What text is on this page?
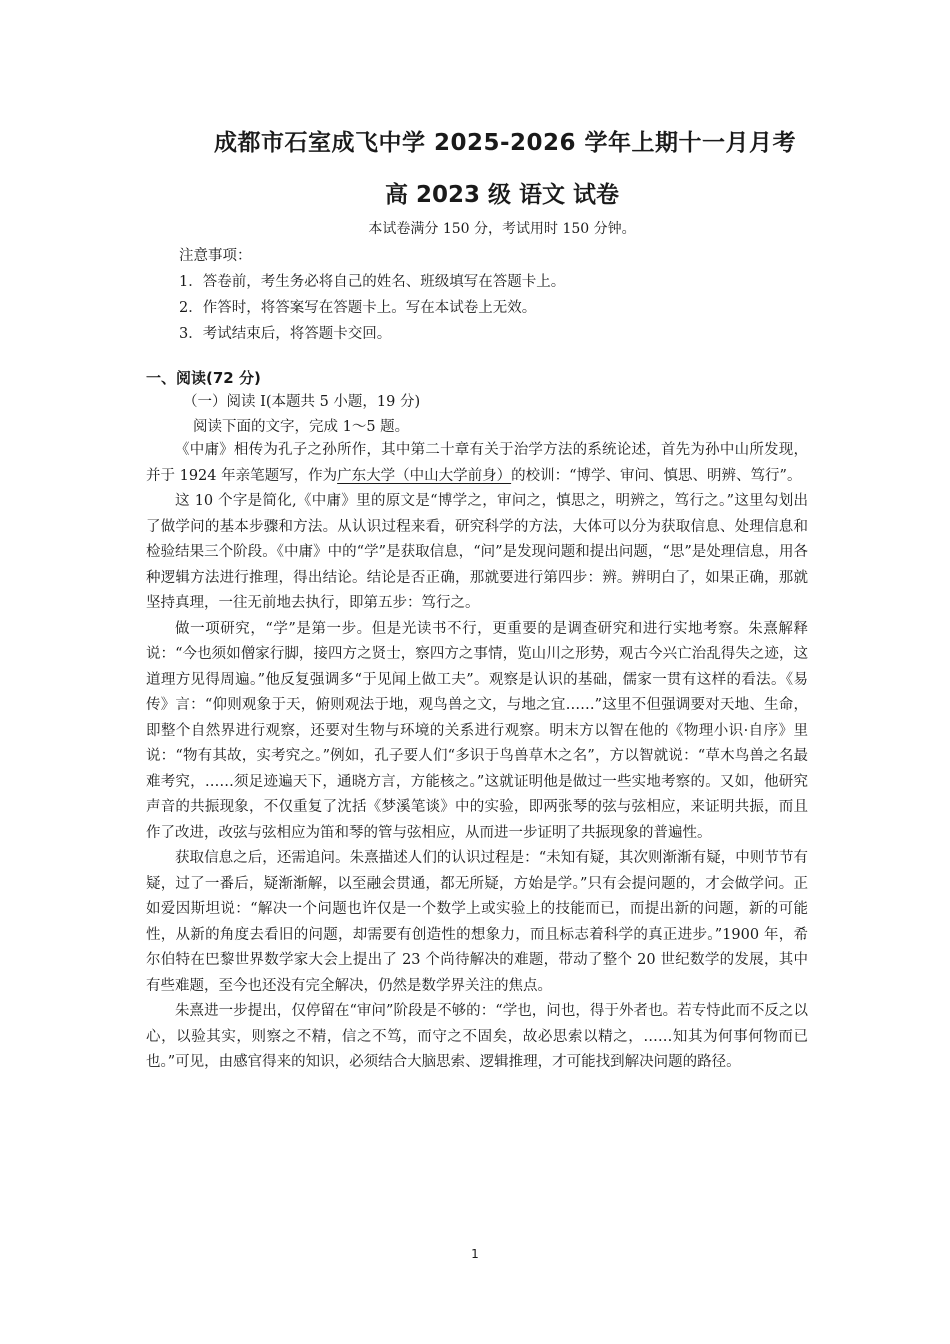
成都市石室成飞中学 2025-2026 学年上期十一月月考
高 2023 级 语文 试卷
本试卷满分 150 分，考试用时 150 分钟。
注意事项：
1．答卷前，考生务必将自己的姓名、班级填写在答题卡上。
2．作答时，将答案写在答题卡上。写在本试卷上无效。
3．考试结束后，将答题卡交回。
一、阅读(72 分)
（一）阅读 I(本题共 5 小题，19 分)
阅读下面的文字，完成 1～5 题。

《中庸》相传为孔子之孙所作，其中第二十章有关于治学方法的系统论述，首先为孙中山所发现，并于 1924 年亲笔题写，作为广东大学（中山大学前身）的校训：“博学、审问、慎思、明辨、笃行”。

这 10 个字是简化,《中庸》里的原文是“博学之，审问之，慎思之，明辨之，笃行之。”这里勾划出了做学问的基本步骤和方法。从认识过程来看，研究科学的方法，大体可以分为获取信息、处理信息和检验结果三个阶段。《中庸》中的“学”是获取信息，“问”是发现问题和提出问题，“思”是处理信息，用各种逻辑方法进行推理，得出结论。结论是否正确，那就要进行第四步：辨。辨明白了，如果正确，那就坚持真理，一往无前地去执行，即第五步：笃行之。

做一项研究，“学”是第一步。但是光读书不行，更重要的是调查研究和进行实地考察。朱熹解释说：“今也须如僧家行脚，接四方之贤士，察四方之事情，览山川之形势，观古今兴亡治乱得失之迹，这道理方见得周遍。”他反复强调多“于见闻上做工夫”。观察是认识的基础，儒家一贯有这样的看法。《易传》言：“仰则观象于天，俯则观法于地，观鸟兽之文，与地之宜……”这里不但强调要对天地、生命，即整个自然界进行观察，还要对生物与环境的关系进行观察。明末方以智在他的《物理小识·自序》里说：“物有其故，实考究之。”例如，孔子要人们“多识于鸟兽草木之名”，方以智就说：“草木鸟兽之名最难考究，……须足迹遍天下，通晓方言，方能核之。”这就证明他是做过一些实地考察的。又如，他研究声音的共振现象，不仅重复了沈括《梦溪笔谈》中的实验，即两张琴的弦与弦相应，来证明共振，而且作了改进，改弦与弦相应为笛和琴的管与弦相应，从而进一步证明了共振现象的普遍性。

获取信息之后，还需追问。朱熹描述人们的认识过程是：“未知有疑，其次则渐渐有疑，中则节节有疑，过了一番后，疑渐渐解，以至融会贯通，都无所疑，方始是学。”只有会提问题的，才会做学问。正如爱因斯坦说：“解决一个问题也许仅是一个数学上或实验上的技能而已，而提出新的问题，新的可能性，从新的角度去看旧的问题，却需要有创造性的想象力，而且标志着科学的真正进步。”1900 年，希尔伯特在巴黎世界数学家大会上提出了 23 个尚待解决的难题，带动了整个 20 世纪数学的发展，其中有些难题，至今也还没有完全解决，仍然是数学界关注的焦点。

朱熹进一步提出，仅停留在“审问”阶段是不够的：“学也，问也，得于外者也。若专恃此而不反之以心，以验其实，则察之不精，信之不笃，而守之不固矣，故必思索以精之，……知其为何事何物而已也。”可见，由感官得来的知识，必须结合大脑思索、逻辑推理，才可能找到解决问题的路径。

1
